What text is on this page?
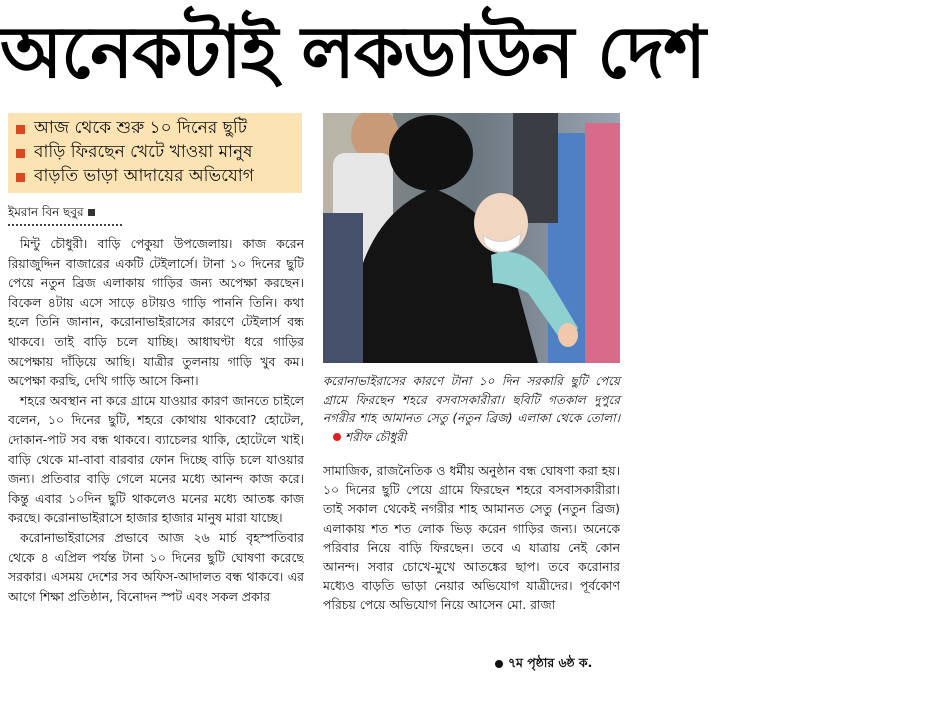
অনেকটাই লকডাউন দেশ
আজ থেকে শুরু ১০ দিনের ছুটি
বাড়ি ফিরছেন খেটে খাওয়া মানুষ
বাড়তি ভাড়া আদায়ের অভিযোগ
ইমরান বিন ছবুর

মিন্টু চৌধুরী। বাড়ি পেকুয়া উপজেলায়। কাজ করেন রিয়াজুদ্দিন বাজারের একটি টেইলার্সে। টানা ১০ দিনের ছুটি পেয়ে নতুন ব্রিজ এলাকায় গাড়ির জন্য অপেক্ষা করছেন। বিকেল ৪টায় এসে সাড়ে ৪টায়ও গাড়ি পাননি তিনি। কথা হলে তিনি জানান, করোনাভাইরাসের কারণে টেইলার্স বন্ধ থাকবে। তাই বাড়ি চলে যাচ্ছি। আধাঘণ্টা ধরে গাড়ির অপেক্ষায় দাঁড়িয়ে আছি। যাত্রীর তুলনায় গাড়ি খুব কম। অপেক্ষা করছি, দেখি গাড়ি আসে কিনা।

শহরে অবস্থান না করে গ্রামে যাওয়ার কারণ জানতে চাইলে বলেন, ১০ দিনের ছুটি, শহরে কোথায় থাকবো? হোটেল, দোকান-পাট সব বন্ধ থাকবে। ব্যাচেলর থাকি, হোটেলে খাই। বাড়ি থেকে মা-বাবা বারবার ফোন দিচ্ছে বাড়ি চলে যাওয়ার জন্য। প্রতিবার বাড়ি গেলে মনের মধ্যে আনন্দ কাজ করে। কিন্তু এবার ১০দিন ছুটি থাকলেও মনের মধ্যে আতঙ্ক কাজ করছে। করোনাভাইরাসে হাজার হাজার মানুষ মারা যাচ্ছে।

করোনাভাইরাসের প্রভাবে আজ ২৬ মার্চ বৃহস্পতিবার থেকে ৪ এপ্রিল পর্যন্ত টানা ১০ দিনের ছুটি ঘোষণা করেছে সরকার। এসময় দেশের সব অফিস-আদালত বন্ধ থাকবে। এর আগে শিক্ষা প্রতিষ্ঠান, বিনোদন স্পট এবং সকল প্রকার

করোনাভাইরাসের কারণে টানা ১০ দিন সরকারি ছুটি পেয়ে গ্রামে ফিরছেন শহরে বসবাসকারীরা। ছবিটি গতকাল দুপুরে নগরীর শাহ আমানত সেতু (নতুন ব্রিজ) এলাকা থেকে তোলা। শরীফ চৌধুরী

সামাজিক, রাজনৈতিক ও ধর্মীয় অনুষ্ঠান বন্ধ ঘোষণা করা হয়। ১০ দিনের ছুটি পেয়ে গ্রামে ফিরছেন শহরে বসবাসকারীরা। তাই সকাল থেকেই নগরীর শাহ আমানত সেতু (নতুন ব্রিজ) এলাকায় শত শত লোক ভিড় করেন গাড়ির জন্য। অনেকে পরিবার নিয়ে বাড়ি ফিরছেন। তবে এ যাত্রায় নেই কোন আনন্দ। সবার চোখে-মুখে আতঙ্কের ছাপ। তবে করোনার মধ্যেও বাড়তি ভাড়া নেয়ার অভিযোগ যাত্রীদের। পূর্বকোণ পরিচয় পেয়ে অভিযোগ নিয়ে আসেন মো. রাজা

৭ম পৃষ্ঠার ৬ষ্ঠ ক.
